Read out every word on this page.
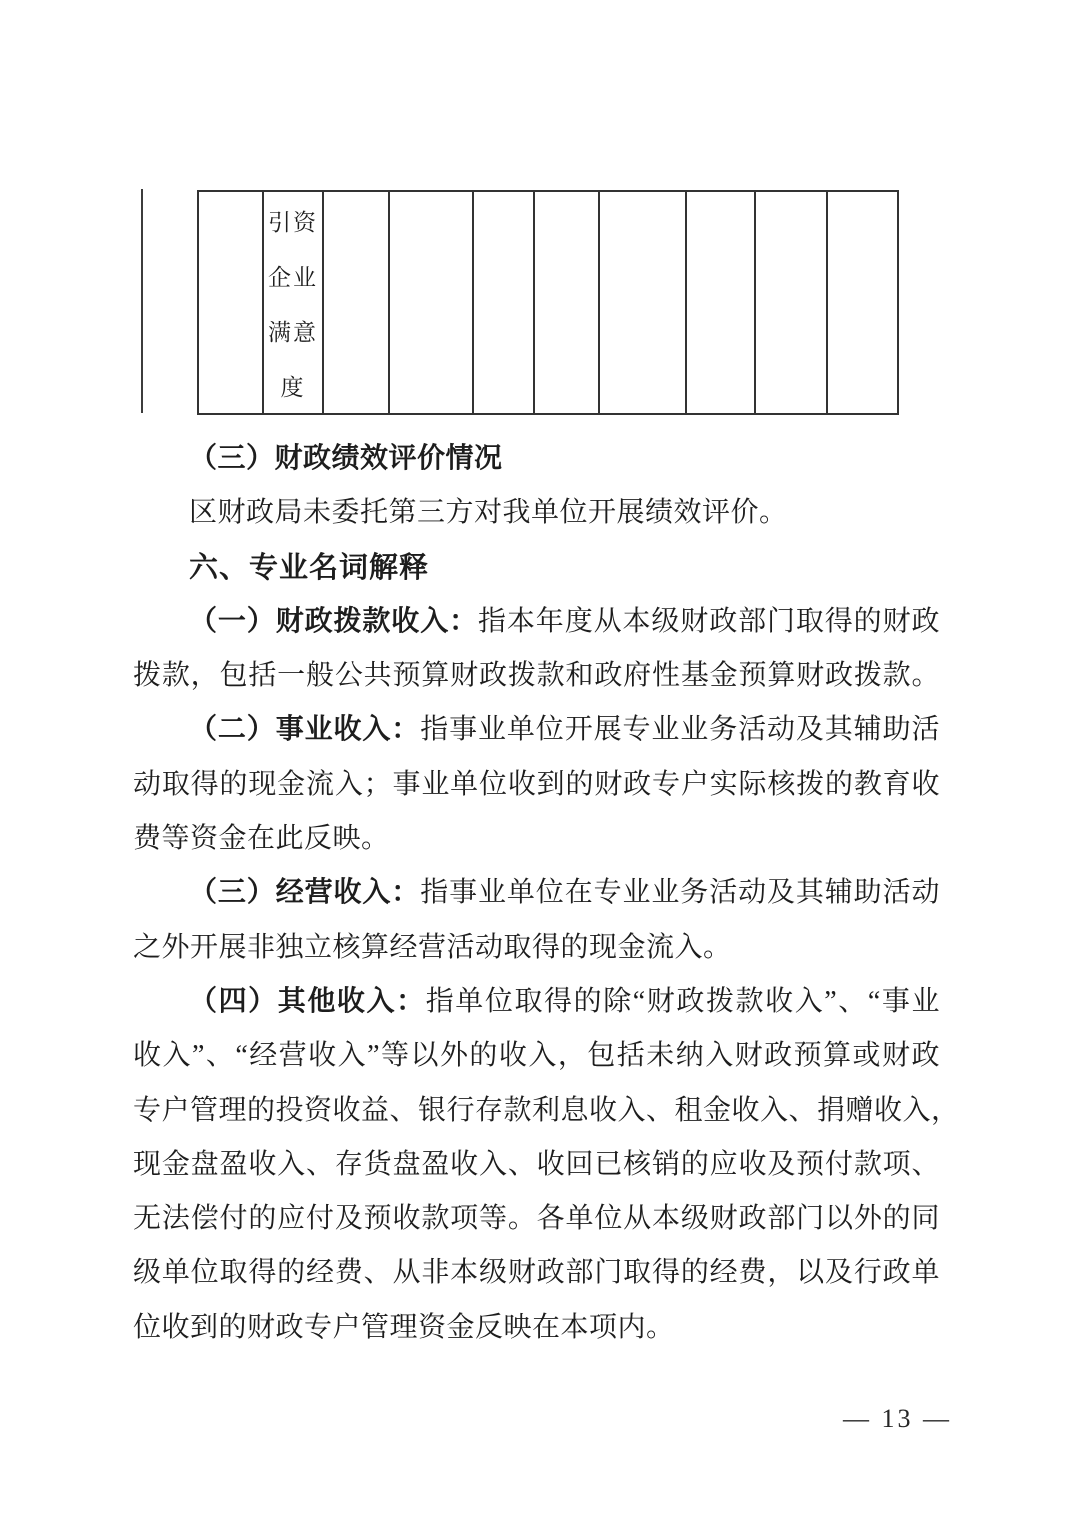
引资
企业
满意
度
（三）财政绩效评价情况
区财政局未委托第三方对我单位开展绩效评价。
六、专业名词解释
（一）财政拨款收入：指本年度从本级财政部门取得的财政
拨款，包括一般公共预算财政拨款和政府性基金预算财政拨款。
（二）事业收入：指事业单位开展专业业务活动及其辅助活
动取得的现金流入；事业单位收到的财政专户实际核拨的教育收
费等资金在此反映。
（三）经营收入：指事业单位在专业业务活动及其辅助活动
之外开展非独立核算经营活动取得的现金流入。
（四）其他收入：指单位取得的除“财政拨款收入”、“事业
收入”、“经营收入”等以外的收入，包括未纳入财政预算或财政
专户管理的投资收益、银行存款利息收入、租金收入、捐赠收入，
现金盘盈收入、存货盘盈收入、收回已核销的应收及预付款项、
无法偿付的应付及预收款项等。各单位从本级财政部门以外的同
级单位取得的经费、从非本级财政部门取得的经费，以及行政单
位收到的财政专户管理资金反映在本项内。
— 13 —
